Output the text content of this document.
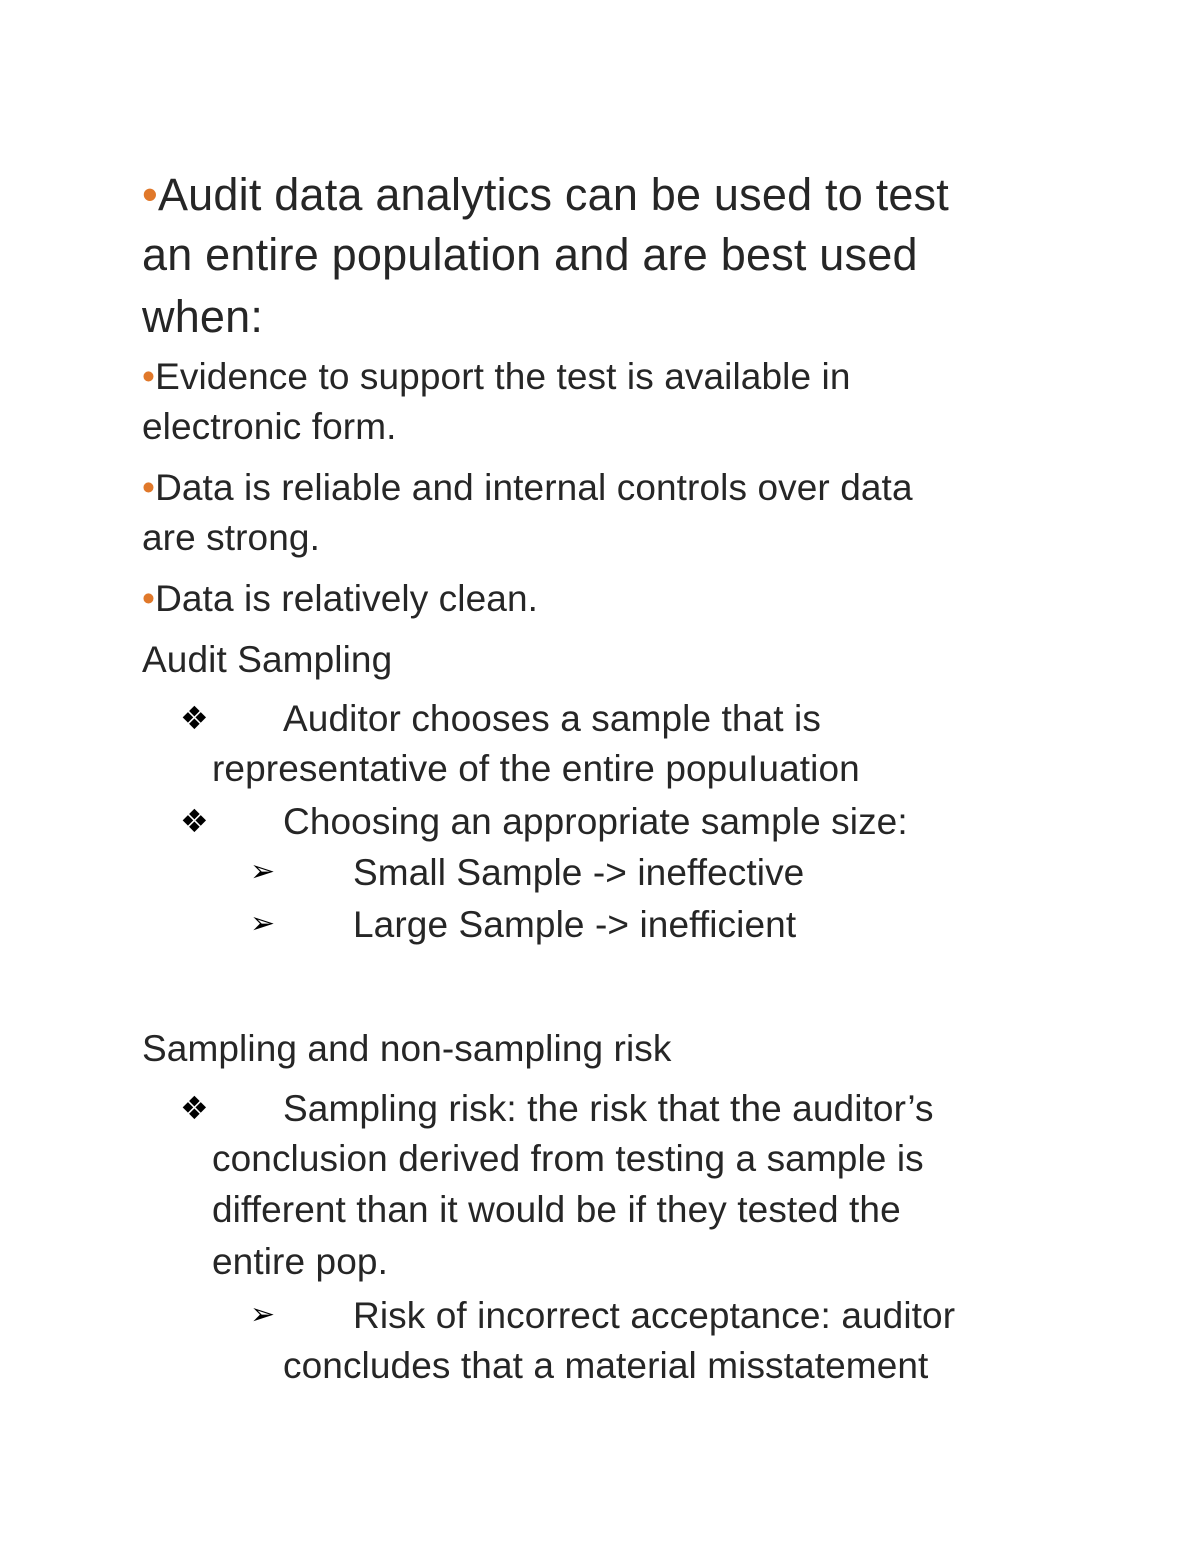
•Audit data analytics can be used to test
an entire population and are best used
when:
•Evidence to support the test is available in
electronic form.
•Data is reliable and internal controls over data
are strong.
•Data is relatively clean.
Audit Sampling
❖ Auditor chooses a sample that is
representative of the entire popuIuation
❖ Choosing an appropriate sample size:
➢ Small Sample -> ineffective
➢ Large Sample -> inefficient
Sampling and non-sampling risk
❖ Sampling risk: the risk that the auditor’s
conclusion derived from testing a sample is
different than it would be if they tested the
entire pop.
➢ Risk of incorrect acceptance: auditor
concludes that a material misstatement
